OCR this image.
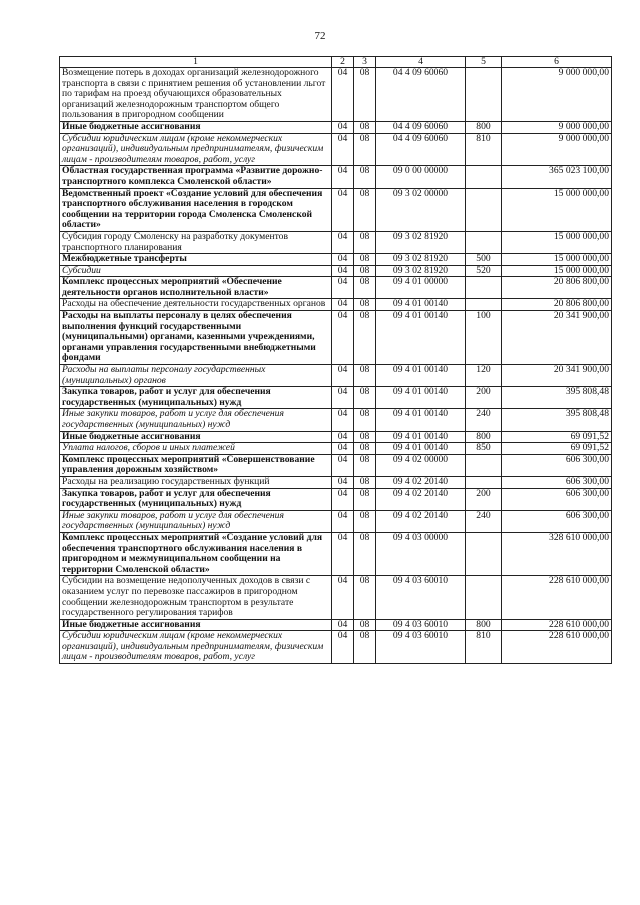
72
1	2	3	4	5	6
Возмещение потерь в доходах организаций железнодорожного транспорта в связи с принятием решения об установлении льгот по тарифам на проезд обучающихся образовательных организаций железнодорожным транспортом общего пользования в пригородном сообщении	04	08	04 4 09 60060		9 000 000,00
Иные бюджетные ассигнования	04	08	04 4 09 60060	800	9 000 000,00
Субсидии юридическим лицам (кроме некоммерческих организаций), индивидуальным предпринимателям, физическим лицам - производителям товаров, работ, услуг	04	08	04 4 09 60060	810	9 000 000,00
Областная государственная программа «Развитие дорожно-транспортного комплекса Смоленской области»	04	08	09 0 00 00000		365 023 100,00
Ведомственный проект «Создание условий для обеспечения транспортного обслуживания населения в городском сообщении на территории города Смоленска Смоленской области»	04	08	09 3 02 00000		15 000 000,00
Субсидия городу Смоленску на разработку документов транспортного планирования	04	08	09 3 02 81920		15 000 000,00
Межбюджетные трансферты	04	08	09 3 02 81920	500	15 000 000,00
Субсидии	04	08	09 3 02 81920	520	15 000 000,00
Комплекс процессных мероприятий «Обеспечение деятельности органов исполнительной власти»	04	08	09 4 01 00000		20 806 800,00
Расходы на обеспечение деятельности государственных органов	04	08	09 4 01 00140		20 806 800,00
Расходы на выплаты персоналу в целях обеспечения выполнения функций государственными (муниципальными) органами, казенными учреждениями, органами управления государственными внебюджетными фондами	04	08	09 4 01 00140	100	20 341 900,00
Расходы на выплаты персоналу государственных (муниципальных) органов	04	08	09 4 01 00140	120	20 341 900,00
Закупка товаров, работ и услуг для обеспечения государственных (муниципальных) нужд	04	08	09 4 01 00140	200	395 808,48
Иные закупки товаров, работ и услуг для обеспечения государственных (муниципальных) нужд	04	08	09 4 01 00140	240	395 808,48
Иные бюджетные ассигнования	04	08	09 4 01 00140	800	69 091,52
Уплата налогов, сборов и иных платежей	04	08	09 4 01 00140	850	69 091,52
Комплекс процессных мероприятий «Совершенствование управления дорожным хозяйством»	04	08	09 4 02 00000		606 300,00
Расходы на реализацию государственных функций	04	08	09 4 02 20140		606 300,00
Закупка товаров, работ и услуг для обеспечения государственных (муниципальных) нужд	04	08	09 4 02 20140	200	606 300,00
Иные закупки товаров, работ и услуг для обеспечения государственных (муниципальных) нужд	04	08	09 4 02 20140	240	606 300,00
Комплекс процессных мероприятий «Создание условий для обеспечения транспортного обслуживания населения в пригородном и межмуниципальном сообщении на территории Смоленской области»	04	08	09 4 03 00000		328 610 000,00
Субсидии на возмещение недополученных доходов в связи с оказанием услуг по перевозке пассажиров в пригородном сообщении железнодорожным транспортом в результате государственного регулирования тарифов	04	08	09 4 03 60010		228 610 000,00
Иные бюджетные ассигнования	04	08	09 4 03 60010	800	228 610 000,00
Субсидии юридическим лицам (кроме некоммерческих организаций), индивидуальным предпринимателям, физическим лицам - производителям товаров, работ, услуг	04	08	09 4 03 60010	810	228 610 000,00
